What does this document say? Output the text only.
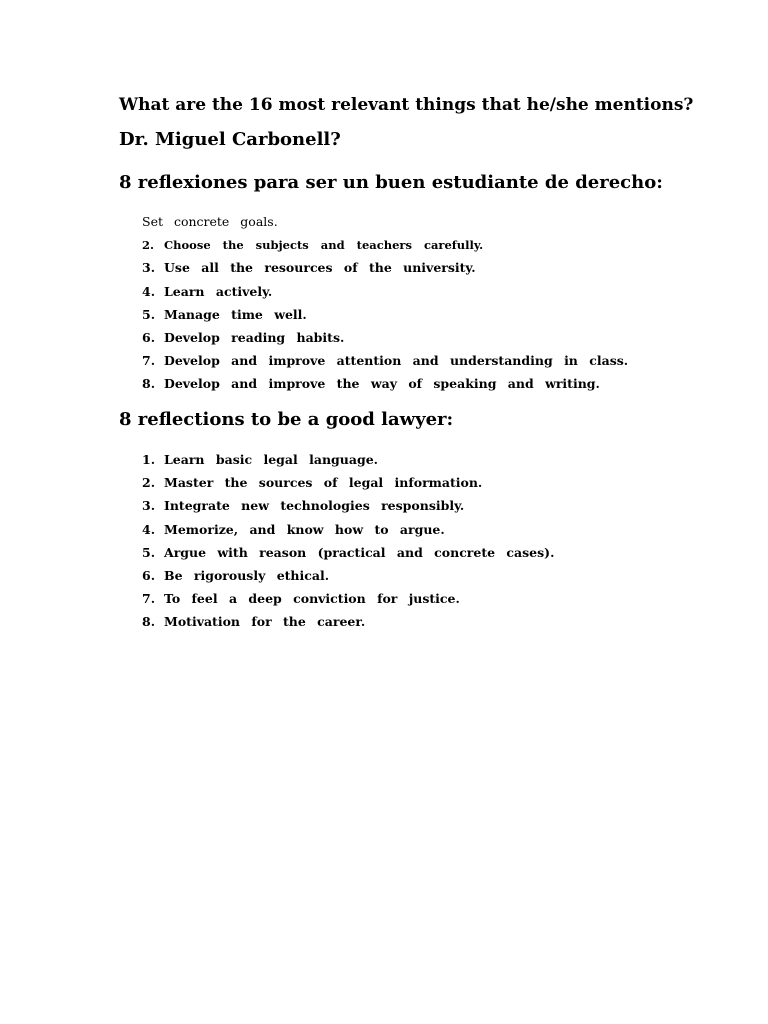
What are the 16 most relevant things that he/she mentions?
Dr. Miguel Carbonell?
8 reflexiones para ser un buen estudiante de derecho:
Set concrete goals.
2. Choose the subjects and teachers carefully.
3. Use all the resources of the university.
4. Learn actively.
5. Manage time well.
6. Develop reading habits.
7. Develop and improve attention and understanding in class.
8. Develop and improve the way of speaking and writing.
8 reflections to be a good lawyer:
1. Learn basic legal language.
2. Master the sources of legal information.
3. Integrate new technologies responsibly.
4. Memorize, and know how to argue.
5. Argue with reason (practical and concrete cases).
6. Be rigorously ethical.
7. To feel a deep conviction for justice.
8. Motivation for the career.
